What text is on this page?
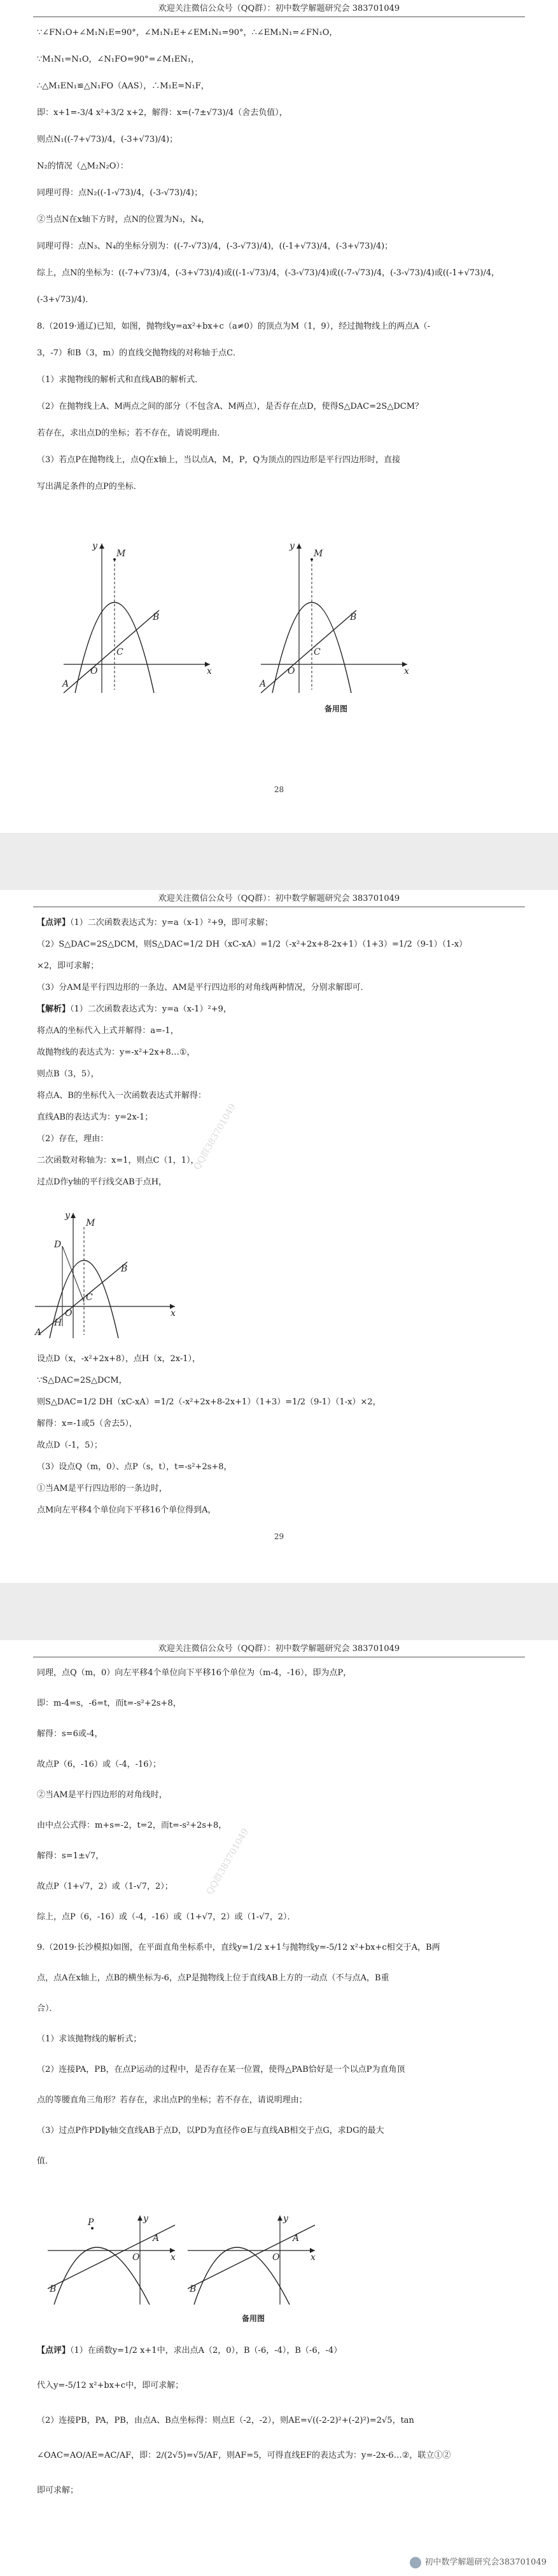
欢迎关注微信公众号（QQ群）：初中数学解题研究会 383701049
∵∠FN₁O+∠M₁N₁E=90°，∠M₁N₁E+∠EM₁N₁=90°，∴∠EM₁N₁=∠FN₁O，
∵M₁N₁=N₁O，∠N₁FO=90°=∠M₁EN₁，
∴△M₁EN₁≌△N₁FO（AAS），∴M₁E=N₁F，
即：x+1=-3/4 x²+3/2 x+2，解得：x=(-7±√73)/4（舍去负值），
则点N₁((-7+√73)/4，(-3+√73)/4)；
N₂的情况（△M₂N₂O）：
同理可得：点N₂((-1-√73)/4，(-3-√73)/4)；
②当点N在x轴下方时，点N的位置为N₃，N₄，
同理可得：点N₃、N₄的坐标分别为：((-7-√73)/4，(-3-√73)/4)，((-1+√73)/4，(-3+√73)/4)；
综上，点N的坐标为：((-7+√73)/4，(-3+√73)/4)或((-1-√73)/4，(-3-√73)/4)或((-7-√73)/4，(-3-√73)/4)或((-1+√73)/4，
(-3+√73)/4)．
8.（2019·通辽)已知，如图，抛物线y=ax²+bx+c（a≠0）的顶点为M（1，9），经过抛物线上的两点A（-
3，-7）和B（3，m）的直线交抛物线的对称轴于点C．
（1）求抛物线的解析式和直线AB的解析式．
（2）在抛物线上A、M两点之间的部分（不包含A、M两点），是否存在点D，使得S△DAC=2S△DCM？
若存在，求出点D的坐标；若不存在，请说明理由．
（3）若点P在抛物线上，点Q在x轴上，当以点A，M，P，Q为顶点的四边形是平行四边形时，直接
写出满足条件的点P的坐标．
M
y
x
O
C
B
A
M
y
x
O
C
B
A
备用图
28
欢迎关注微信公众号（QQ群）：初中数学解题研究会 383701049
【点评】（1）二次函数表达式为：y=a（x-1）²+9，即可求解；
（2）S△DAC=2S△DCM，则S△DAC=1/2 DH（xC-xA）=1/2（-x²+2x+8-2x+1）（1+3）=1/2（9-1）（1-x）
×2，即可求解；
（3）分AM是平行四边形的一条边、AM是平行四边形的对角线两种情况，分别求解即可．
【解析】（1）二次函数表达式为：y=a（x-1）²+9，
将点A的坐标代入上式并解得：a=-1，
故抛物线的表达式为：y=-x²+2x+8…①，
则点B（3，5），
将点A、B的坐标代入一次函数表达式并解得：
直线AB的表达式为：y=2x-1；
（2）存在，理由：
二次函数对称轴为：x=1，则点C（1，1），
过点D作y轴的平行线交AB于点H，
M
y
x
O
C
B
D
H
A
QQ群383701049
设点D（x，-x²+2x+8），点H（x，2x-1），
∵S△DAC=2S△DCM，
则S△DAC=1/2 DH（xC-xA）=1/2（-x²+2x+8-2x+1）（1+3）=1/2（9-1）（1-x）×2，
解得：x=-1或5（舍去5），
故点D（-1，5）；
（3）设点Q（m，0）、点P（s，t），t=-s²+2s+8，
①当AM是平行四边形的一条边时，
点M向左平移4个单位向下平移16个单位得到A，
29
欢迎关注微信公众号（QQ群）：初中数学解题研究会 383701049
同理，点Q（m，0）向左平移4个单位向下平移16个单位为（m-4，-16），即为点P，
即：m-4=s，-6=t，而t=-s²+2s+8，
解得：s=6或-4，
故点P（6，-16）或（-4，-16）；
②当AM是平行四边形的对角线时，
由中点公式得：m+s=-2，t=2，而t=-s²+2s+8，
解得：s=1±√7，
故点P（1+√7，2）或（1-√7，2）；
综上，点P（6，-16）或（-4，-16）或（1+√7，2）或（1-√7，2）．
9.（2019·长沙模拟)如图，在平面直角坐标系中，直线y=1/2 x+1与抛物线y=-5/12 x²+bx+c相交于A，B两
点，点A在x轴上，点B的横坐标为-6，点P是抛物线上位于直线AB上方的一动点（不与点A，B重
合）．
（1）求该抛物线的解析式；
（2）连接PA，PB，在点P运动的过程中，是否存在某一位置，使得△PAB恰好是一个以点P为直角顶
点的等腰直角三角形？若存在，求出点P的坐标；若不存在，请说明理由；
（3）过点P作PD∥y轴交直线AB于点D，以PD为直径作⊙E与直线AB相交于点G，求DG的最大
值．
P	y
x
O
B
A
y
x
O
B
A
备用图
QQ群383701049
【点评】（1）在函数y=1/2 x+1中，求出点A（2，0），B（-6，-4），B（-6，-4）
代入y=-5/12 x²+bx+c中，即可求解；
（2）连接PB，PA，PB，由点A、B点坐标得：则点E（-2，-2），则AE=√((-2-2)²+(-2)²)=2√5，tan
∠OAC=AO/AE=AC/AF，即：2/(2√5)=√5/AF，则AF=5，可得直线EF的表达式为：y=-2x-6…②，联立①②
即可求解；
初中数学解题研究会383701049
